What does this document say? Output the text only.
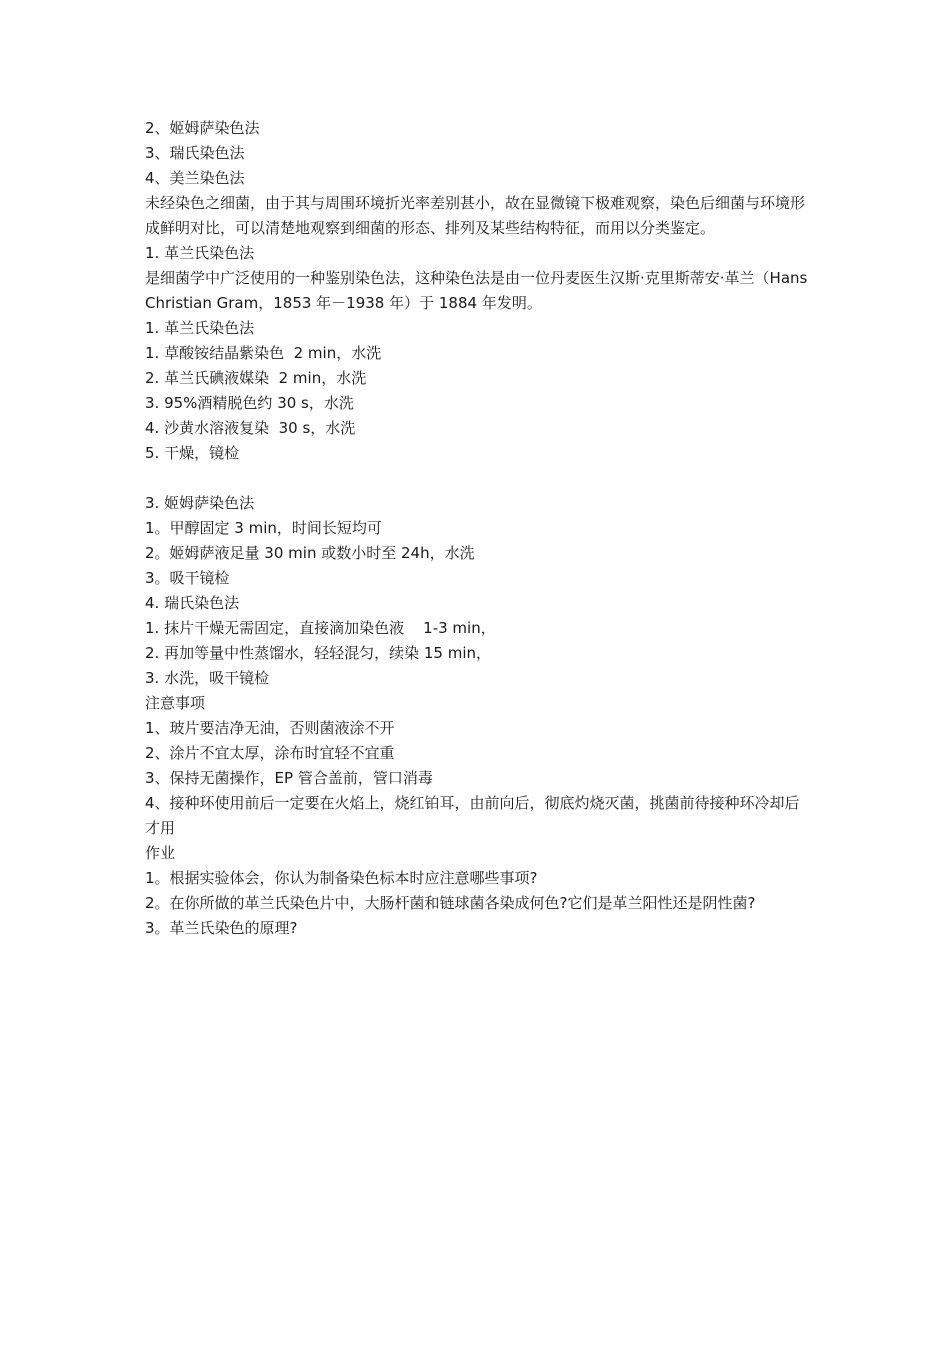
2、姬姆萨染色法

3、瑞氏染色法

4、美兰染色法

未经染色之细菌，由于其与周围环境折光率差别甚小，故在显微镜下极难观察，染色后细菌与环境形成鲜明对比，可以清楚地观察到细菌的形态、排列及某些结构特征，而用以分类鉴定。

1. 革兰氏染色法

是细菌学中广泛使用的一种鉴别染色法，这种染色法是由一位丹麦医生汉斯·克里斯蒂安·革兰（Hans Christian Gram，1853 年－1938 年）于 1884 年发明。

1. 革兰氏染色法

1. 草酸铵结晶紫染色  2 min，水洗

2. 革兰氏碘液媒染  2 min，水洗

3. 95%酒精脱色约 30 s，水洗

4. 沙黄水溶液复染  30 s，水洗

5. 干燥，镜检

3. 姬姆萨染色法

1。甲醇固定 3 min，时间长短均可

2。姬姆萨液足量 30 min 或数小时至 24h，水洗

3。吸干镜检

4. 瑞氏染色法

1. 抹片干燥无需固定，直接滴加染色液    1-3 min，

2. 再加等量中性蒸馏水，轻轻混匀，续染 15 min，

3. 水洗，吸干镜检

注意事项

1、玻片要洁净无油，否则菌液涂不开

2、涂片不宜太厚，涂布时宜轻不宜重

3、保持无菌操作，EP 管合盖前，管口消毒

4、接种环使用前后一定要在火焰上，烧红铂耳，由前向后，彻底灼烧灭菌，挑菌前待接种环冷却后才用

作业

1。根据实验体会，你认为制备染色标本时应注意哪些事项?

2。在你所做的革兰氏染色片中，大肠杆菌和链球菌各染成何色?它们是革兰阳性还是阴性菌?

3。革兰氏染色的原理?
